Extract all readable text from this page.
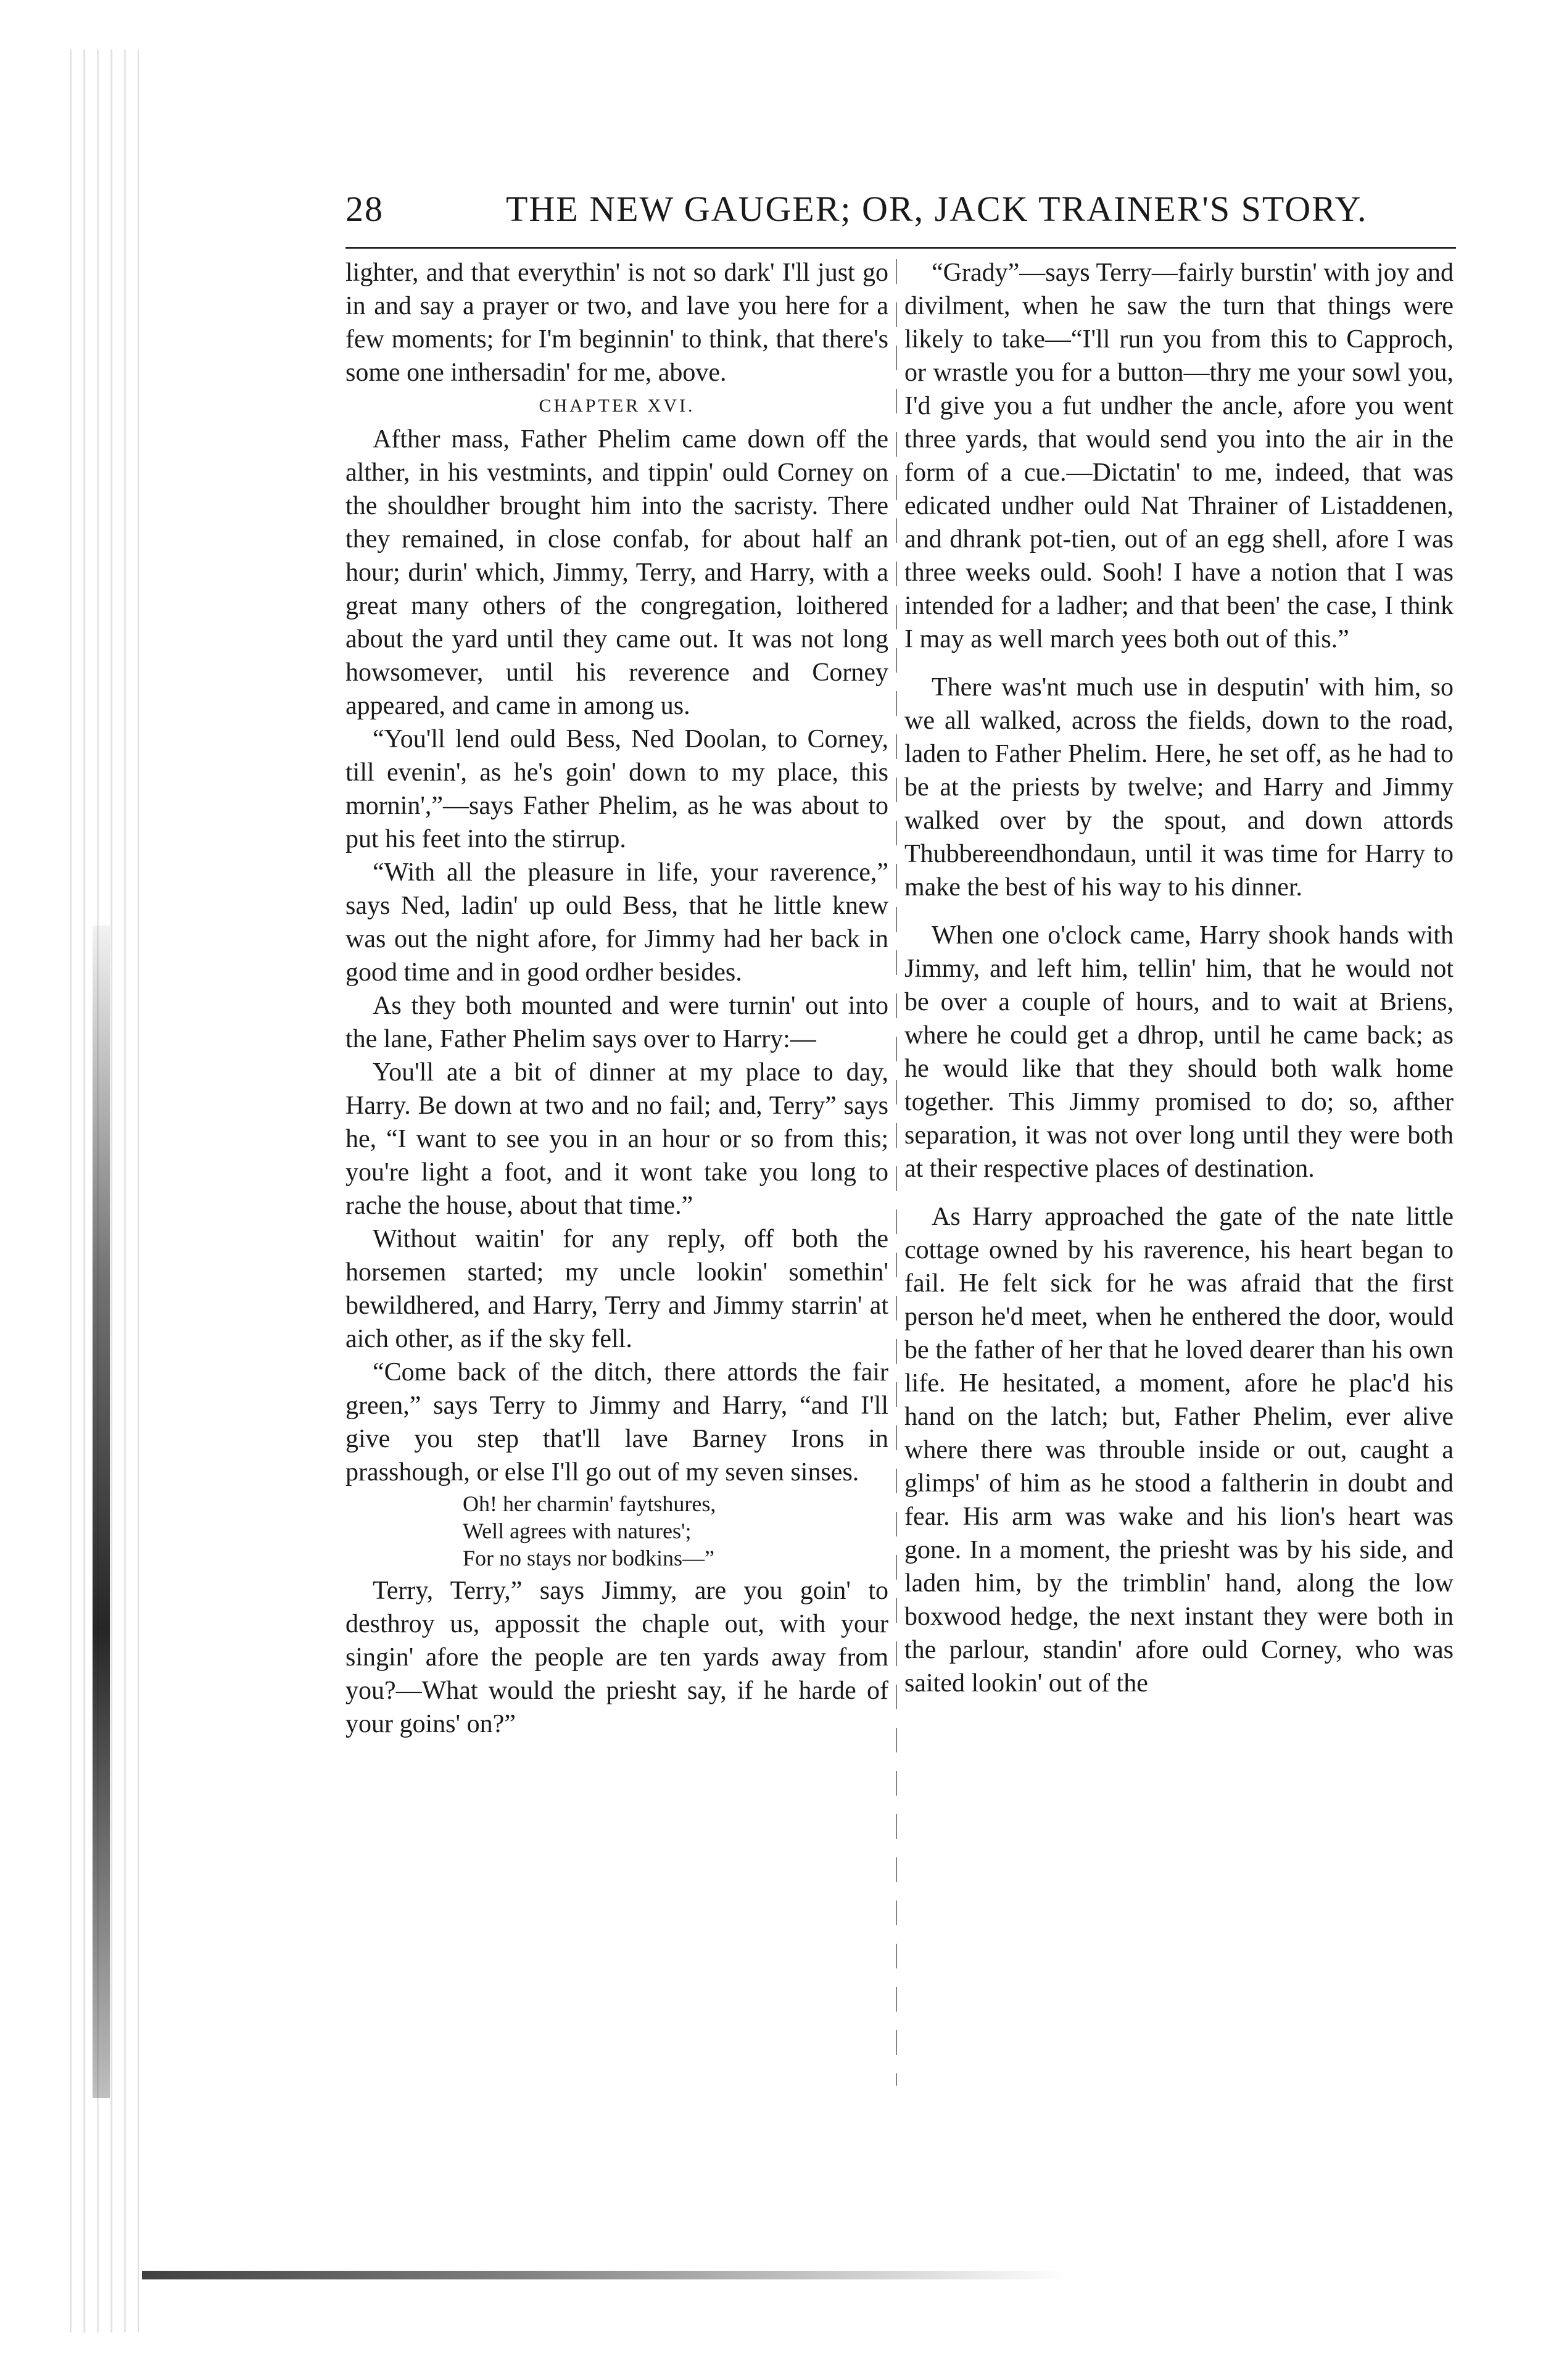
28	THE NEW GAUGER; OR, JACK TRAINER'S STORY.

lighter, and that everythin' is not so dark' I'll just go in and say a prayer or two, and lave you here for a few moments; for I'm beginnin' to think, that there's some one inthersadin' for me, above.

CHAPTER XVI.

Afther mass, Father Phelim came down off the alther, in his vestmints, and tippin' ould Corney on the shouldher brought him into the sacristy. There they remained, in close confab, for about half an hour; durin' which, Jimmy, Terry, and Harry, with a great many others of the congregation, loithered about the yard until they came out. It was not long howsomever, until his reverence and Corney appeared, and came in among us.

“You'll lend ould Bess, Ned Doolan, to Corney, till evenin', as he's goin' down to my place, this mornin',”—says Father Phelim, as he was about to put his feet into the stirrup.

“With all the pleasure in life, your raverence,” says Ned, ladin' up ould Bess, that he little knew was out the night afore, for Jimmy had her back in good time and in good ordher besides.

As they both mounted and were turnin' out into the lane, Father Phelim says over to Harry:—

You'll ate a bit of dinner at my place to day, Harry. Be down at two and no fail; and, Terry” says he, “I want to see you in an hour or so from this; you're light a foot, and it wont take you long to rache the house, about that time.”

Without waitin' for any reply, off both the horsemen started; my uncle lookin' somethin' bewildhered, and Harry, Terry and Jimmy starrin' at aich other, as if the sky fell.

“Come back of the ditch, there attords the fair green,” says Terry to Jimmy and Harry, “and I'll give you step that'll lave Barney Irons in prasshough, or else I'll go out of my seven sinses.

Oh! her charmin' faytshures,
Well agrees with natures';
For no stays nor bodkins—”

Terry, Terry,” says Jimmy, are you goin' to desthroy us, appossit the chaple out, with your singin' afore the people are ten yards away from you?—What would the priesht say, if he harde of your goins' on?”

“Grady”—says Terry—fairly burstin' with joy and divilment, when he saw the turn that things were likely to take—“I'll run you from this to Capproch, or wrastle you for a button—thry me your sowl you, I'd give you a fut undher the ancle, afore you went three yards, that would send you into the air in the form of a cue.—Dictatin' to me, indeed, that was edicated undher ould Nat Thrainer of Listaddenen, and dhrank pot-tien, out of an egg shell, afore I was three weeks ould. Sooh! I have a notion that I was intended for a ladher; and that been' the case, I think I may as well march yees both out of this.”

There was'nt much use in desputin' with him, so we all walked, across the fields, down to the road, laden to Father Phelim. Here, he set off, as he had to be at the priests by twelve; and Harry and Jimmy walked over by the spout, and down attords Thubbereendhondaun, until it was time for Harry to make the best of his way to his dinner.

When one o'clock came, Harry shook hands with Jimmy, and left him, tellin' him, that he would not be over a couple of hours, and to wait at Briens, where he could get a dhrop, until he came back; as he would like that they should both walk home together. This Jimmy promised to do; so, afther separation, it was not over long until they were both at their respective places of destination.

As Harry approached the gate of the nate little cottage owned by his raverence, his heart began to fail. He felt sick for he was afraid that the first person he'd meet, when he enthered the door, would be the father of her that he loved dearer than his own life. He hesitated, a moment, afore he plac'd his hand on the latch; but, Father Phelim, ever alive where there was throuble inside or out, caught a glimps' of him as he stood a faltherin in doubt and fear. His arm was wake and his lion's heart was gone. In a moment, the priesht was by his side, and laden him, by the trimblin' hand, along the low boxwood hedge, the next instant they were both in the parlour, standin' afore ould Corney, who was saited lookin' out of the
